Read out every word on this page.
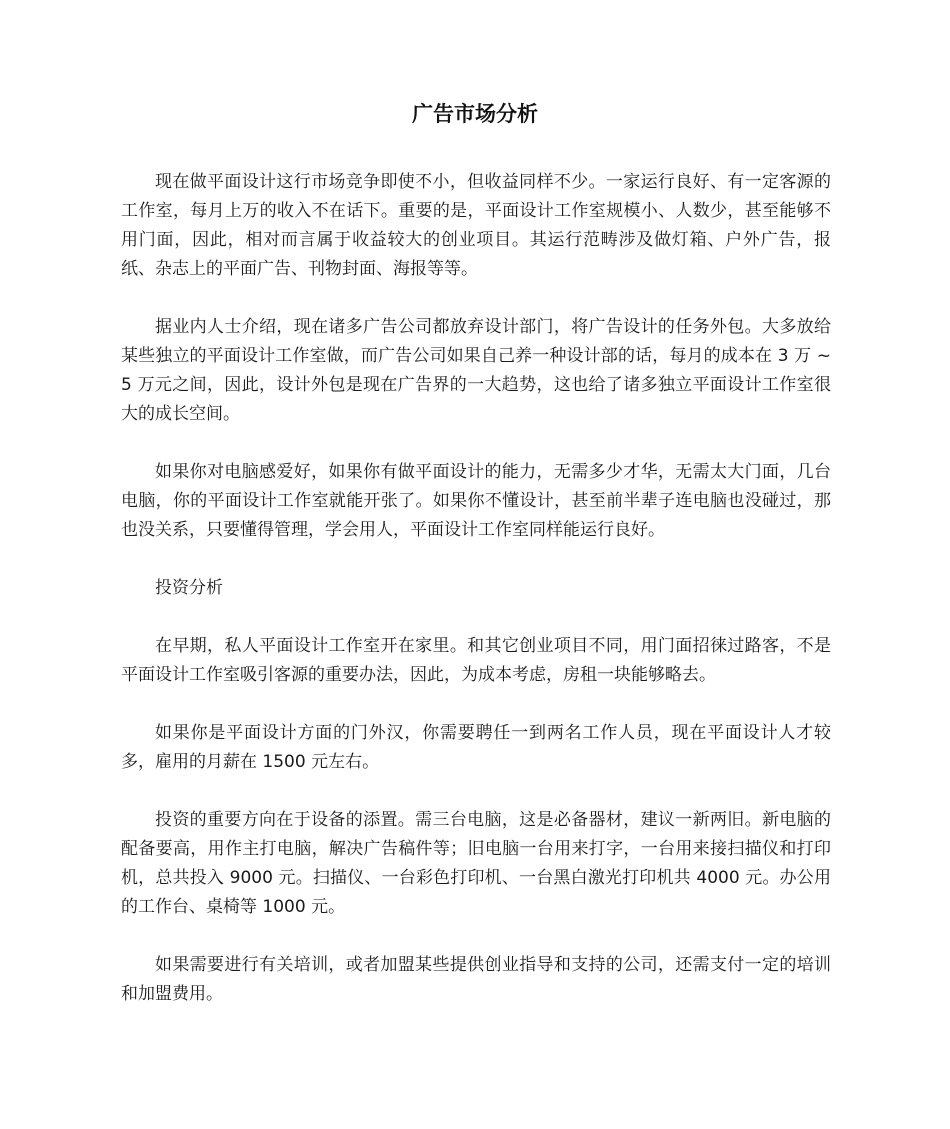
广告市场分析

现在做平面设计这行市场竞争即使不小，但收益同样不少。一家运行良好、有一定客源的工作室，每月上万的收入不在话下。重要的是，平面设计工作室规模小、人数少，甚至能够不用门面，因此，相对而言属于收益较大的创业项目。其运行范畴涉及做灯箱、户外广告，报纸、杂志上的平面广告、刊物封面、海报等等。

据业内人士介绍，现在诸多广告公司都放弃设计部门，将广告设计的任务外包。大多放给某些独立的平面设计工作室做，而广告公司如果自己养一种设计部的话，每月的成本在 3 万 ~ 5 万元之间，因此，设计外包是现在广告界的一大趋势，这也给了诸多独立平面设计工作室很大的成长空间。

如果你对电脑感爱好，如果你有做平面设计的能力，无需多少才华，无需太大门面，几台电脑，你的平面设计工作室就能开张了。如果你不懂设计，甚至前半辈子连电脑也没碰过，那也没关系，只要懂得管理，学会用人，平面设计工作室同样能运行良好。

投资分析

在早期，私人平面设计工作室开在家里。和其它创业项目不同，用门面招徕过路客，不是平面设计工作室吸引客源的重要办法，因此，为成本考虑，房租一块能够略去。

如果你是平面设计方面的门外汉，你需要聘任一到两名工作人员，现在平面设计人才较多，雇用的月薪在 1500 元左右。

投资的重要方向在于设备的添置。需三台电脑，这是必备器材，建议一新两旧。新电脑的配备要高，用作主打电脑，解决广告稿件等；旧电脑一台用来打字，一台用来接扫描仪和打印机，总共投入 9000 元。扫描仪、一台彩色打印机、一台黑白激光打印机共 4000 元。办公用的工作台、桌椅等 1000 元。

如果需要进行有关培训，或者加盟某些提供创业指导和支持的公司，还需支付一定的培训和加盟费用。
